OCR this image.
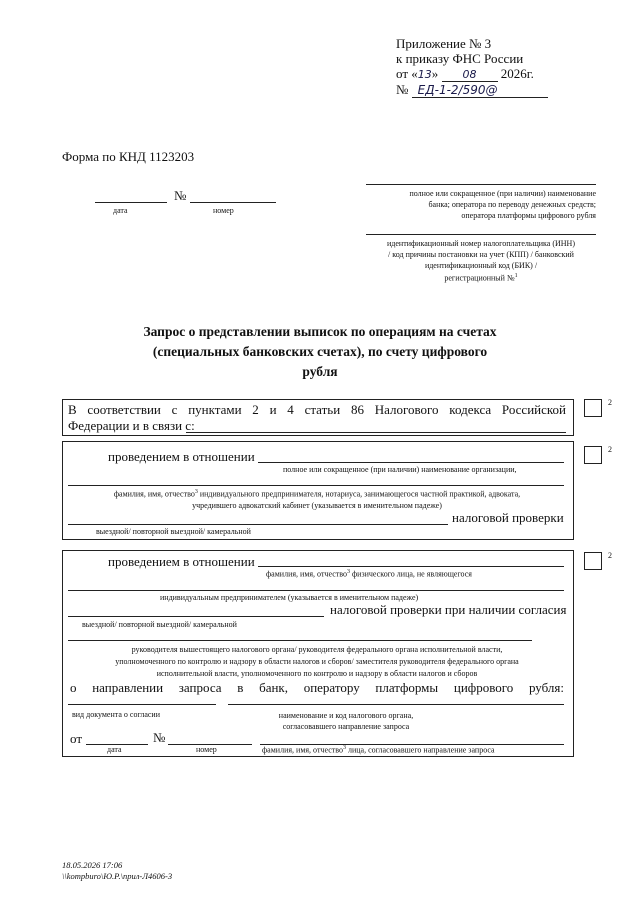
Приложение № 3
к приказу ФНС России
от «13» 08 2026г.
№ ЕД-1-2/590@
Форма по КНД 1123203
№
дата	номер
полное или сокращенное (при наличии) наименование
банка; оператора по переводу денежных средств;
оператора платформы цифрового рубля
идентификационный номер налогоплательщика (ИНН)
/ код причины постановки на учет (КПП) / банковский
идентификационный код (БИК) /
регистрационный №$^1$
Запрос о представлении выписок по операциям на счетах
(специальных банковских счетах), по счету цифрового
рубля
В соответствии с пунктами 2 и 4 статьи 86 Налогового кодекса Российской
Федерации и в связи с:
2
проведением в отношении
полное или сокращенное (при наличии) наименование организации,
фамилия, имя, отчество$^3$ индивидуального предпринимателя, нотариуса, занимающегося частной практикой, адвоката,
учредившего адвокатский кабинет (указывается в именительном падеже)
налоговой проверки
выездной/ повторной выездной/ камеральной
2
проведением в отношении
фамилия, имя, отчество$^3$ физического лица, не являющегося
индивидуальным предпринимателем (указывается в именительном падеже)
налоговой проверки при наличии согласия
выездной/ повторной выездной/ камеральной
руководителя вышестоящего налогового органа/ руководителя федерального органа исполнительной власти,
уполномоченного по контролю и надзору в области налогов и сборов/ заместителя руководителя федерального органа
исполнительной власти, уполномоченного по контролю и надзору в области налогов и сборов
о направлении запроса в банк, оператору платформы цифрового рубля:
вид документа о согласии	наименование и код налогового органа,
согласовавшего направление запроса
от	№
дата	номер	фамилия, имя, отчество$^3$ лица, согласовавшего направление запроса
2
18.05.2026 17:06
\\kompburo\Ю.Р.\прил-Л4606-3
